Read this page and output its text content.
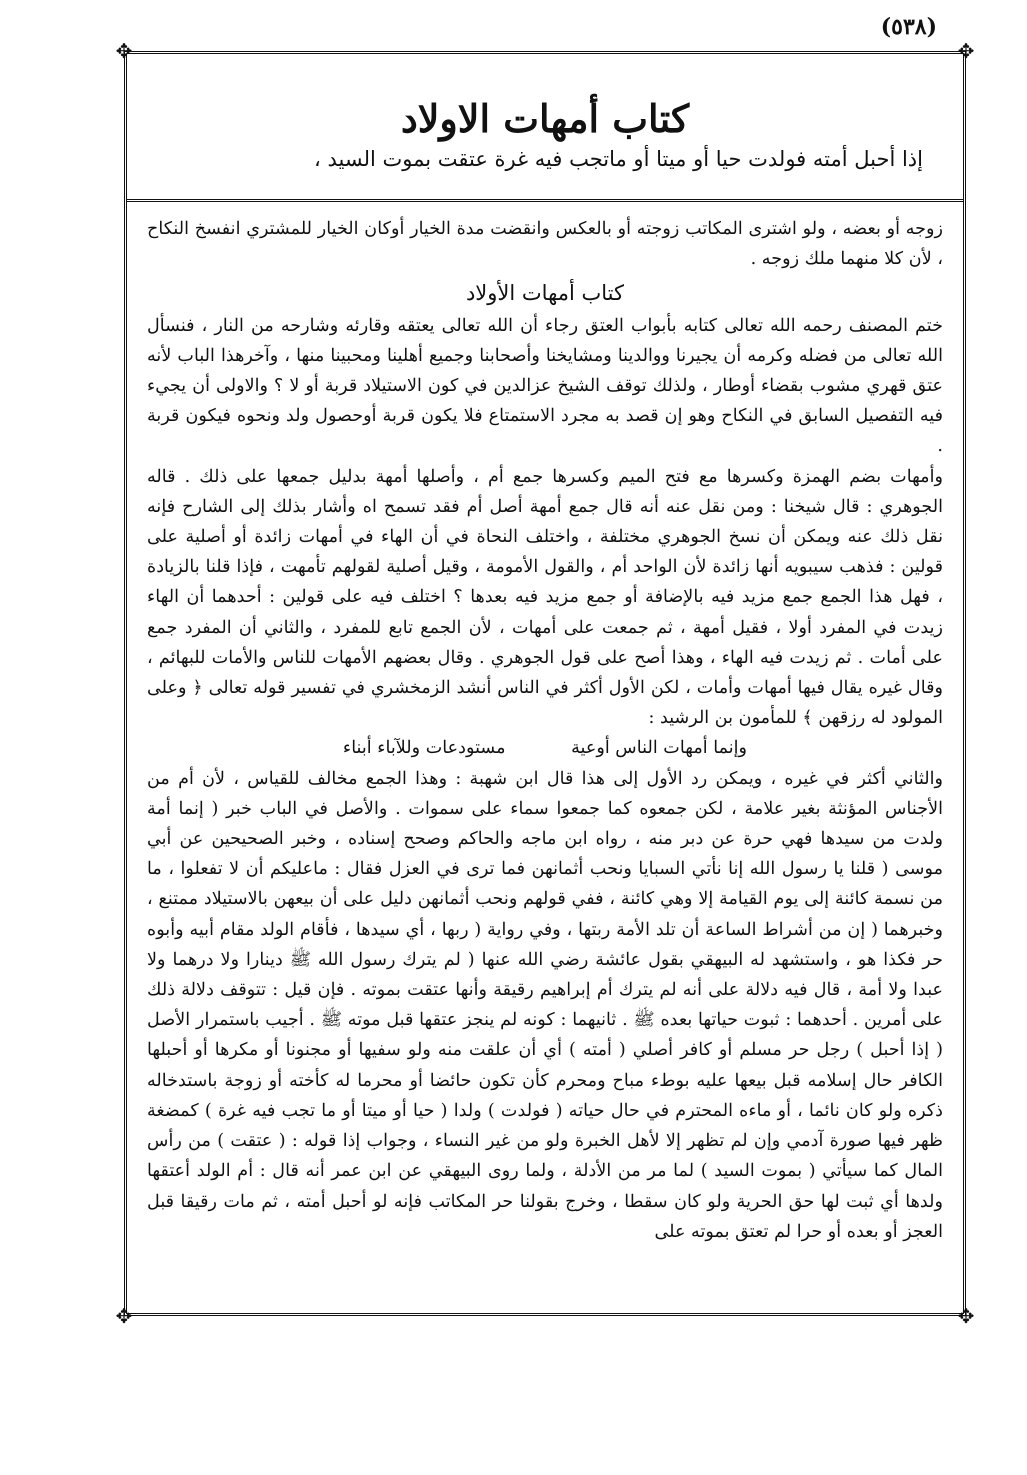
(٥٣٨)
✥	✥
✥	✥
كتاب أمهات الاولاد
إذا أحبل أمته فولدت حيا أو ميتا أو ماتجب فيه غرة عتقت بموت السيد ،

زوجه أو بعضه ، ولو اشترى المكاتب زوجته أو بالعكس وانقضت مدة الخيار أوكان الخيار للمشتري انفسخ النكاح ، لأن كلا منهما ملك زوجه .

كتاب أمهات الأولاد

ختم المصنف رحمه الله تعالى كتابه بأبواب العتق رجاء أن الله تعالى يعتقه وقارئه وشارحه من النار ، فنسأل الله تعالى من فضله وكرمه أن يجيرنا ووالدينا ومشايخنا وأصحابنا وجميع أهلينا ومحبينا منها ، وآخرهذا الباب لأنه عتق قهري مشوب بقضاء أوطار ، ولذلك توقف الشيخ عزالدين في كون الاستيلاد قربة أو لا ؟ والاولى أن يجيء فيه التفصيل السابق في النكاح وهو إن قصد به مجرد الاستمتاع فلا يكون قربة أوحصول ولد ونحوه فيكون قربة .

وأمهات بضم الهمزة وكسرها مع فتح الميم وكسرها جمع أم ، وأصلها أمهة بدليل جمعها على ذلك . قاله الجوهري : قال شيخنا : ومن نقل عنه أنه قال جمع أمهة أصل أم فقد تسمح اه وأشار بذلك إلى الشارح فإنه نقل ذلك عنه ويمكن أن نسخ الجوهري مختلفة ، واختلف النحاة في أن الهاء في أمهات زائدة أو أصلية على قولين : فذهب سيبويه أنها زائدة لأن الواحد أم ، والقول الأمومة ، وقيل أصلية لقولهم تأمهت ، فإذا قلنا بالزيادة ، فهل هذا الجمع جمع مزيد فيه بالإضافة أو جمع مزيد فيه بعدها ؟ اختلف فيه على قولين : أحدهما أن الهاء زيدت في المفرد أولا ، فقيل أمهة ، ثم جمعت على أمهات ، لأن الجمع تابع للمفرد ، والثاني أن المفرد جمع على أمات . ثم زيدت فيه الهاء ، وهذا أصح على قول الجوهري . وقال بعضهم الأمهات للناس والأمات للبهائم ، وقال غيره يقال فيها أمهات وأمات ، لكن الأول أكثر في الناس أنشد الزمخشري في تفسير قوله تعالى ﴿ وعلى المولود له رزقهن ﴾ للمأمون بن الرشيد :

وإنما أمهات الناس أوعية مستودعات وللآباء أبناء

والثاني أكثر في غيره ، ويمكن رد الأول إلى هذا قال ابن شهبة : وهذا الجمع مخالف للقياس ، لأن أم من الأجناس المؤنثة بغير علامة ، لكن جمعوه كما جمعوا سماء على سموات . والأصل في الباب خبر ( إنما أمة ولدت من سيدها فهي حرة عن دبر منه ، رواه ابن ماجه والحاكم وصحح إسناده ، وخبر الصحيحين عن أبي موسى ( قلنا يا رسول الله إنا نأتي السبايا ونحب أثمانهن فما ترى في العزل فقال : ماعليكم أن لا تفعلوا ، ما من نسمة كائنة إلى يوم القيامة إلا وهي كائنة ، ففي قولهم ونحب أثمانهن دليل على أن بيعهن بالاستيلاد ممتنع ، وخبرهما ( إن من أشراط الساعة أن تلد الأمة ربتها ، وفي رواية ( ربها ، أي سيدها ، فأقام الولد مقام أبيه وأبوه حر فكذا هو ، واستشهد له البيهقي بقول عائشة رضي الله عنها ( لم يترك رسول الله ﷺ دينارا ولا درهما ولا عبدا ولا أمة ، قال فيه دلالة على أنه لم يترك أم إبراهيم رقيقة وأنها عتقت بموته . فإن قيل : تتوقف دلالة ذلك على أمرين . أحدهما : ثبوت حياتها بعده ﷺ . ثانيهما : كونه لم ينجز عتقها قبل موته ﷺ . أجيب باستمرار الأصل ( إذا أحبل ) رجل حر مسلم أو كافر أصلي ( أمته ) أي أن علقت منه ولو سفيها أو مجنونا أو مكرها أو أحبلها الكافر حال إسلامه قبل بيعها عليه بوطء مباح ومحرم كأن تكون حائضا أو محرما له كأخته أو زوجة باستدخاله ذكره ولو كان نائما ، أو ماءه المحترم في حال حياته ( فولدت ) ولدا ( حيا أو ميتا أو ما تجب فيه غرة ) كمضغة ظهر فيها صورة آدمي وإن لم تظهر إلا لأهل الخبرة ولو من غير النساء ، وجواب إذا قوله : ( عتقت ) من رأس المال كما سيأتي ( بموت السيد ) لما مر من الأدلة ، ولما روى البيهقي عن ابن عمر أنه قال : أم الولد أعتقها ولدها أي ثبت لها حق الحرية ولو كان سقطا ، وخرج بقولنا حر المكاتب فإنه لو أحبل أمته ، ثم مات رقيقا قبل العجز أو بعده أو حرا لم تعتق بموته على
